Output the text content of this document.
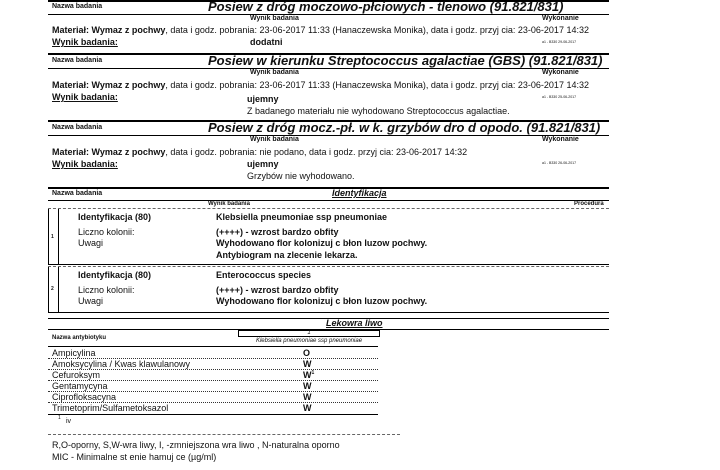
Nazwa badania	Posiew z dróg moczowo-płciowych - tlenowo (91.821/831)
Wynik badania	Wykonanie
Materiał: Wymaz z pochwy, data i godz. pobrania: 23-06-2017 11:33 (Hanaczewska Monika), data i godz. przyj cia: 23-06-2017 14:32
Wynik badania:	dodatni	a1 - B330 29-06-2017
Nazwa badania	Posiew w kierunku Streptococcus agalactiae (GBS) (91.821/831)
Wynik badania	Wykonanie
Materiał: Wymaz z pochwy, data i godz. pobrania: 23-06-2017 11:33 (Hanaczewska Monika), data i godz. przyj cia: 23-06-2017 14:32
Wynik badania:	ujemny	a1 - B330 25-06-2017
Z badanego materiału nie wyhodowano Streptococcus agalactiae.
Nazwa badania	Posiew z dróg mocz.-pł. w k. grzybów dro d opodo. (91.821/831)
Wynik badania	Wykonanie
Materiał: Wymaz z pochwy, data i godz. pobrania: nie podano, data i godz. przyj cia: 23-06-2017 14:32
Wynik badania:	ujemny	a1 - B330 26-06-2017
Grzybów nie wyhodowano.
Nazwa badania	Identyfikacja
Wynik badania	Procedura
1
Identyfikacja (80)	Klebsiella pneumoniae ssp pneumoniae
Liczno kolonii:	(++++) - wzrost bardzo obfity
Uwagi	Wyhodowano flor kolonizuj c błon luzow pochwy.
Antybiogram na zlecenie lekarza.
2
Identyfikacja (80)	Enterococcus species
Liczno kolonii:	(++++) - wzrost bardzo obfity
Uwagi	Wyhodowano flor kolonizuj c błon luzow pochwy.
Lekowra liwo
Nazwa antybiotyku
1
Klebsiella pneumoniae ssp pneumoniae
Ampicylina	O
Amoksycylina / Kwas klawulanowy	W
Cefuroksym	$W^1$
Gentamycyna	W
Ciprofloksacyna	W
Trimetoprim/Sulfametoksazol	W
1 iv
R,O-oporny, S,W-wra liwy, I, -zmniejszona wra liwo , N-naturalna oporno
MIC - Minimalne st enie hamuj ce (µg/ml)
